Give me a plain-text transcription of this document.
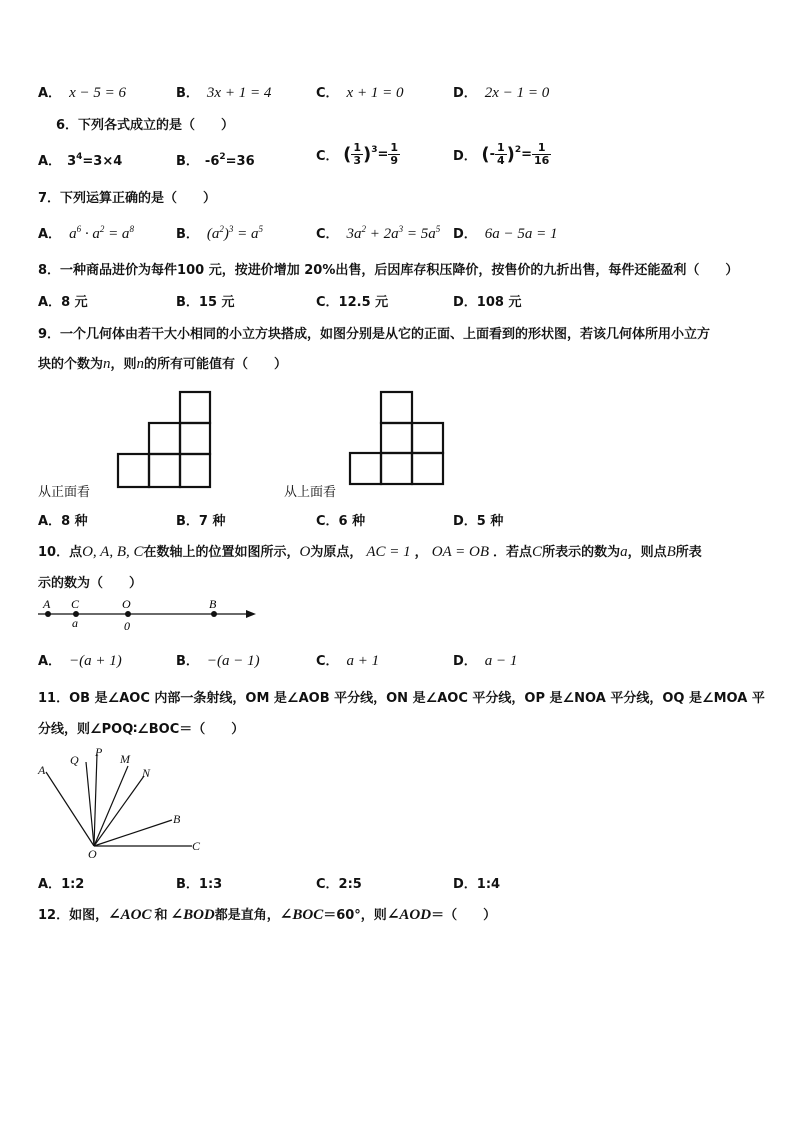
A． x − 5 = 6	B． 3x + 1 = 4	C． x + 1 = 0	D． 2x − 1 = 0
6．下列各式成立的是（　　）
A． $3^4=3\times 4$	B． $-6^2=36$	C． ( $\frac{1}{3} )^3= \frac{1}{9}$	D． (- $\frac{1}{4} )^2= \frac{1}{16}$
7．下列运算正确的是（　　）
A． $a^6 \cdot a^2 = a^8$	B． $(a^2)^3 = a^5$	C． $3a^2 + 2a^3 = 5a^5$ D． 6a − 5a = 1
8．一种商品进价为每件100 元，按进价增加 20%出售，后因库存积压降价，按售价的九折出售，每件还能盈利（　　）
A．8 元	B．15 元	C．12.5 元	D．108 元
9．一个几何体由若干大小相同的小立方块搭成，如图分别是从它的正面、上面看到的形状图，若该几何体所用小立方
块的个数为n，则n的所有可能值有（　　）
从正面看	从上面看
A．8 种	B．7 种	C．6 种	D．5 种
10．点O, A, B, C在数轴上的位置如图所示，O为原点， AC = 1 ， OA = OB ．若点C所表示的数为a，则点B所表
示的数为（　　）
A C	O	B
a	0
A． −(a + 1)	B． −(a − 1)	C． a + 1	D． a − 1
11．OB 是∠AOC 内部一条射线，OM 是∠AOB 平分线，ON 是∠AOC 平分线，OP 是∠NOA 平分线，OQ 是∠MOA 平
分线，则∠POQ∶∠BOC＝（　　）
A
Q
P M
N
B
O
C
A．1:2	B．1:3	C．2:5	D．1:4
12．如图，∠AOC 和 ∠BOD都是直角，∠BOC＝60°，则∠AOD＝（　　）
